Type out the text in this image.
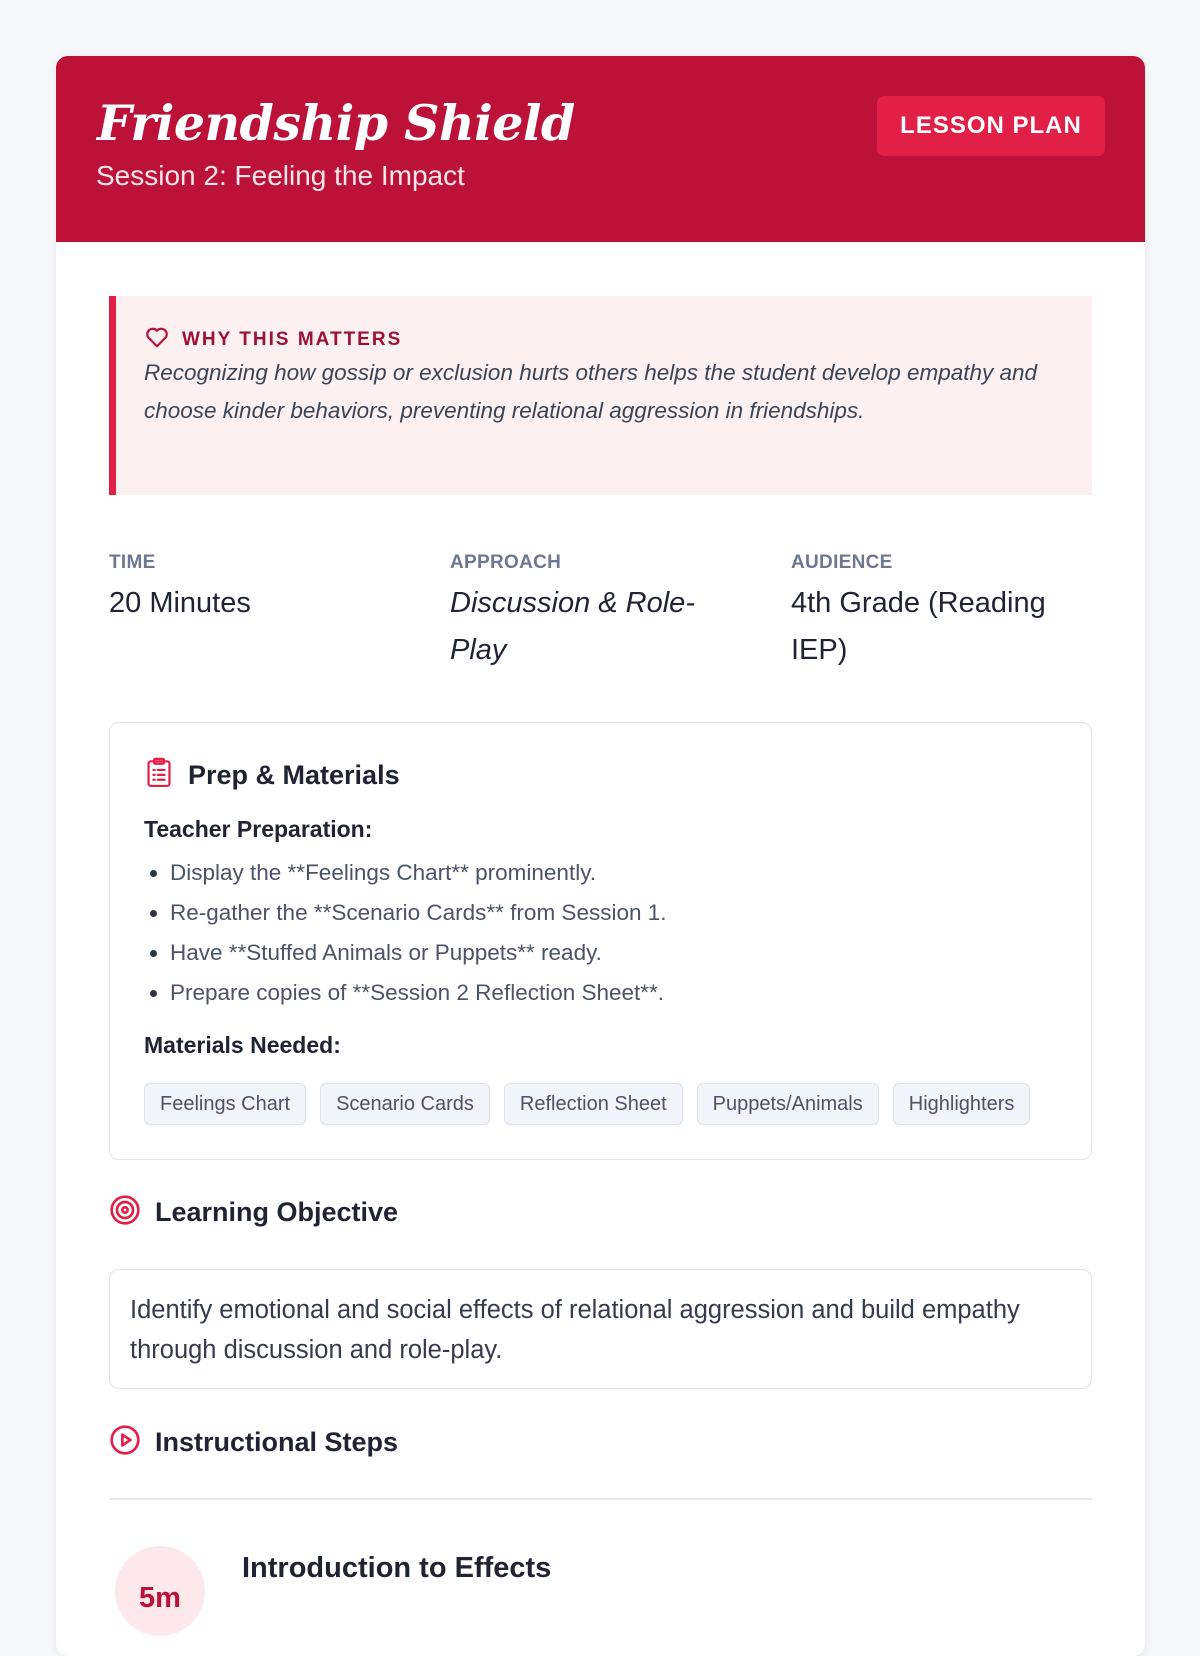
Friendship Shield
Session 2: Feeling the Impact
LESSON PLAN
WHY THIS MATTERS
Recognizing how gossip or exclusion hurts others helps the student develop empathy and choose kinder behaviors, preventing relational aggression in friendships.
TIME
20 Minutes
APPROACH
Discussion & Role-Play
AUDIENCE
4th Grade (Reading IEP)
Prep & Materials
Teacher Preparation:
• Display the **Feelings Chart** prominently.
• Re-gather the **Scenario Cards** from Session 1.
• Have **Stuffed Animals or Puppets** ready.
• Prepare copies of **Session 2 Reflection Sheet**.
Materials Needed:
Feelings Chart	Scenario Cards	Reflection Sheet	Puppets/Animals	Highlighters
Learning Objective
Identify emotional and social effects of relational aggression and build empathy through discussion and role-play.
Instructional Steps
5m
Introduction to Effects
